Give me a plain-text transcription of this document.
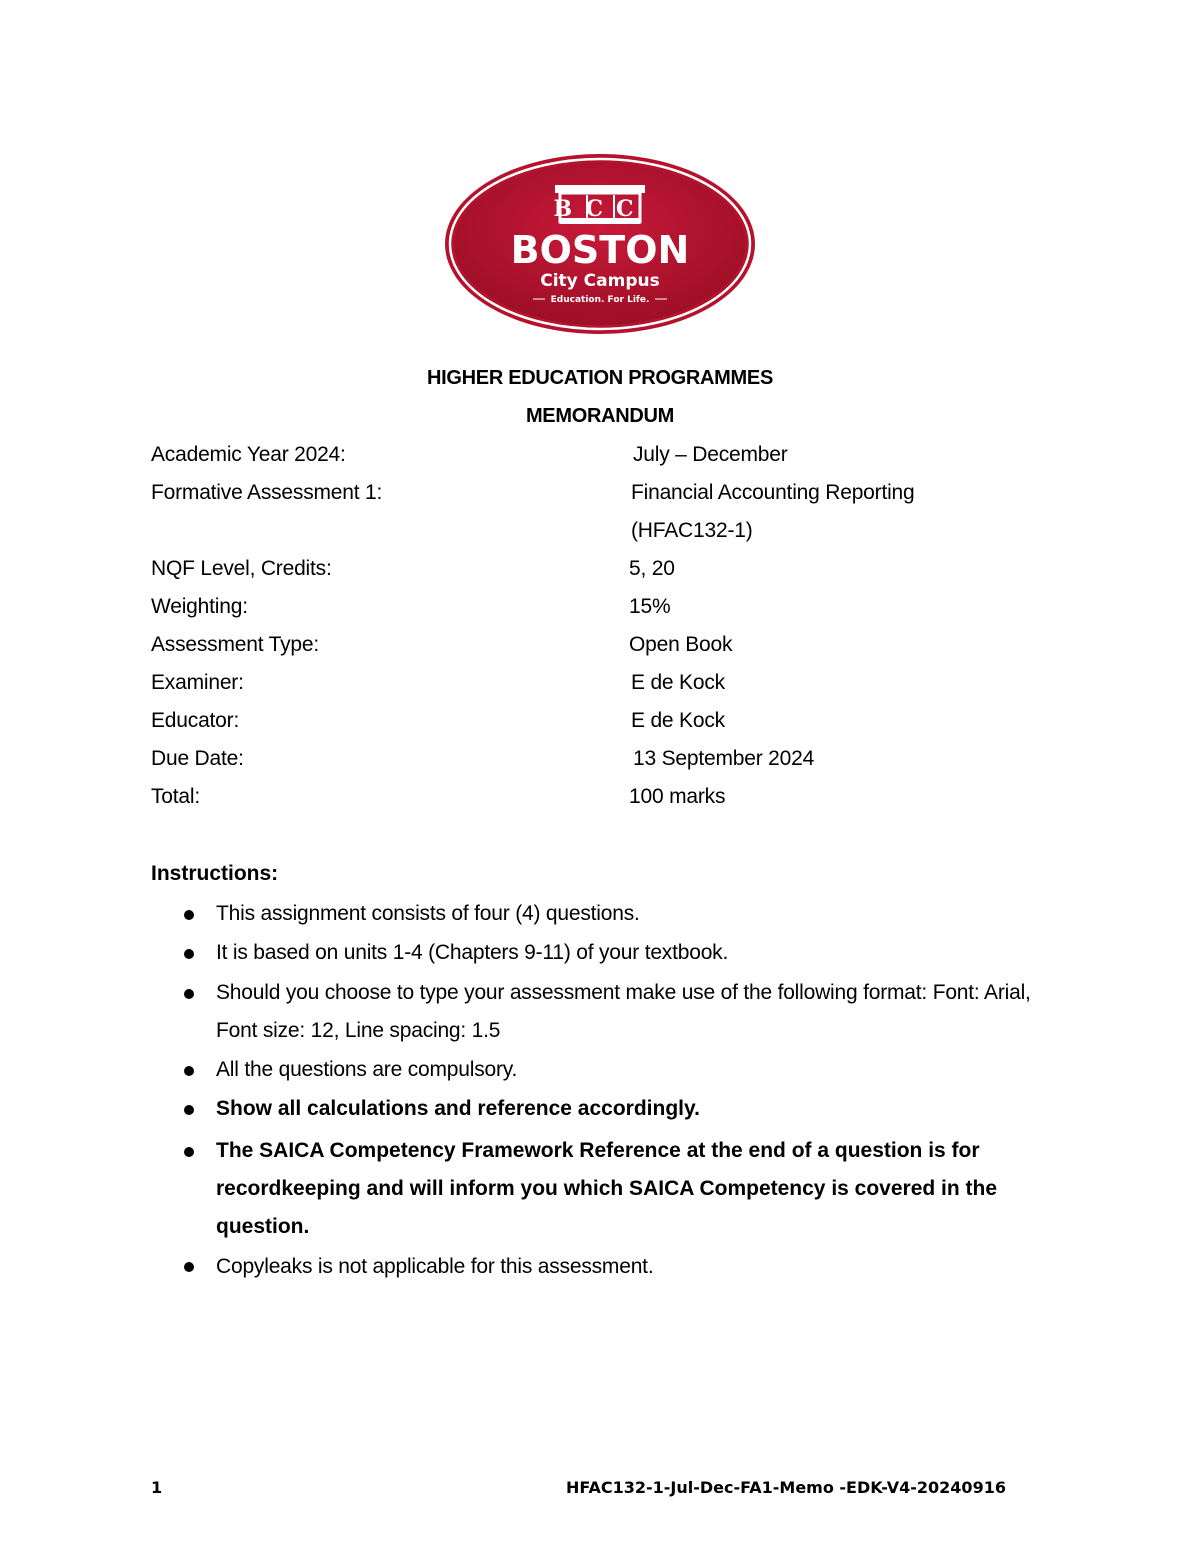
BCC
BOSTON
City Campus
Education. For Life.
HIGHER EDUCATION PROGRAMMES
MEMORANDUM
Academic Year 2024:	July – December
Formative Assessment 1:	Financial Accounting Reporting
(HFAC132-1)
NQF Level, Credits:	5, 20
Weighting:	15%
Assessment Type:	Open Book
Examiner:	E de Kock
Educator:	E de Kock
Due Date:	13 September 2024
Total:	100 marks
Instructions:
This assignment consists of four (4) questions.
It is based on units 1-4 (Chapters 9-11) of your textbook.
Should you choose to type your assessment make use of the following format: Font: Arial, Font size: 12, Line spacing: 1.5
All the questions are compulsory.
Show all calculations and reference accordingly.
The SAICA Competency Framework Reference at the end of a question is for recordkeeping and will inform you which SAICA Competency is covered in the question.
Copyleaks is not applicable for this assessment.
1	HFAC132-1-Jul-Dec-FA1-Memo -EDK-V4-20240916
